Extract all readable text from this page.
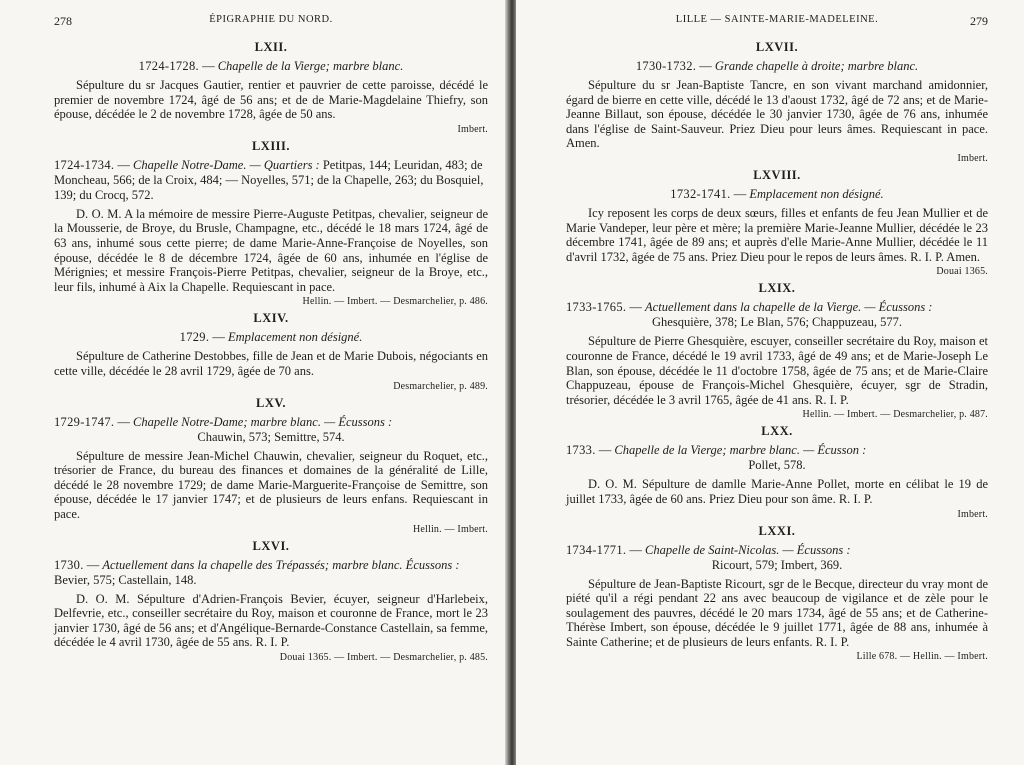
278	ÉPIGRAPHIE DU NORD.
LXII.
1724-1728. — Chapelle de la Vierge; marbre blanc.
Sépulture du sr Jacques Gautier, rentier et pauvrier de cette paroisse, décédé le premier de novembre 1724, âgé de 56 ans; et de de Marie-Magdelaine Thiefry, son épouse, décédée le 2 de novembre 1728, âgée de 50 ans.
Imbert.
LXIII.
1724-1734. — Chapelle Notre-Dame. — Quartiers : Petitpas, 144; Leuridan, 483; de Moncheau, 566; de la Croix, 484; — Noyelles, 571; de la Chapelle, 263; du Bosquiel, 139; du Crocq, 572.
D. O. M. A la mémoire de messire Pierre-Auguste Petitpas, chevalier, seigneur de la Mousserie, de Broye, du Brusle, Champagne, etc., décédé le 18 mars 1724, âgé de 63 ans, inhumé sous cette pierre; de dame Marie-Anne-Françoise de Noyelles, son épouse, décédée le 8 de décembre 1724, âgée de 60 ans, inhumée en l'église de Mérignies; et messire François-Pierre Petitpas, chevalier, seigneur de la Broye, etc., leur fils, inhumé à Aix la Chapelle. Requiescant in pace.
Hellin. — Imbert. — Desmarchelier, p. 486.
LXIV.
1729. — Emplacement non désigné.
Sépulture de Catherine Destobbes, fille de Jean et de Marie Dubois, négociants en cette ville, décédée le 28 avril 1729, âgée de 70 ans.
Desmarchelier, p. 489.
LXV.
1729-1747. — Chapelle Notre-Dame; marbre blanc. — Écussons :
Chauwin, 573; Semittre, 574.
Sépulture de messire Jean-Michel Chauwin, chevalier, seigneur du Roquet, etc., trésorier de France, du bureau des finances et domaines de la généralité de Lille, décédé le 28 novembre 1729; de dame Marie-Marguerite-Françoise de Semittre, son épouse, décédée le 17 janvier 1747; et de plusieurs de leurs enfans. Requiescant in pace.
Hellin. — Imbert.
LXVI.
1730. — Actuellement dans la chapelle des Trépassés; marbre blanc. Écussons : Bevier, 575; Castellain, 148.
D. O. M. Sépulture d'Adrien-François Bevier, écuyer, seigneur d'Harlebeix, Delfevrie, etc., conseiller secrétaire du Roy, maison et couronne de France, mort le 23 janvier 1730, âgé de 56 ans; et d'Angélique-Bernarde-Constance Castellain, sa femme, décédée le 4 avril 1730, âgée de 55 ans. R. I. P.
Douai 1365. — Imbert. — Desmarchelier, p. 485.
LILLE — SAINTE-MARIE-MADELEINE.	279
LXVII.
1730-1732. — Grande chapelle à droite; marbre blanc.
Sépulture du sr Jean-Baptiste Tancre, en son vivant marchand amidonnier, égard de bierre en cette ville, décédé le 13 d'aoust 1732, âgé de 72 ans; et de Marie-Jeanne Billaut, son épouse, décédée le 30 janvier 1730, âgée de 76 ans, inhumée dans l'église de Saint-Sauveur. Priez Dieu pour leurs âmes. Requiescant in pace. Amen.
Imbert.
LXVIII.
1732-1741. — Emplacement non désigné.
Icy reposent les corps de deux sœurs, filles et enfants de feu Jean Mullier et de Marie Vandeper, leur père et mère; la première Marie-Jeanne Mullier, décédée le 23 décembre 1741, âgée de 89 ans; et auprès d'elle Marie-Anne Mullier, décédée le 11 d'avril 1732, âgée de 75 ans. Priez Dieu pour le repos de leurs âmes. R. I. P. Amen.
Douai 1365.
LXIX.
1733-1765. — Actuellement dans la chapelle de la Vierge. — Écussons :
Ghesquière, 378; Le Blan, 576; Chappuzeau, 577.
Sépulture de Pierre Ghesquière, escuyer, conseiller secrétaire du Roy, maison et couronne de France, décédé le 19 avril 1733, âgé de 49 ans; et de Marie-Joseph Le Blan, son épouse, décédée le 11 d'octobre 1758, âgée de 75 ans; et de Marie-Claire Chappuzeau, épouse de François-Michel Ghesquière, écuyer, sgr de Stradin, trésorier, décédée le 3 avril 1765, âgée de 41 ans. R. I. P.
Hellin. — Imbert. — Desmarchelier, p. 487.
LXX.
1733. — Chapelle de la Vierge; marbre blanc. — Écusson :
Pollet, 578.
D. O. M. Sépulture de damlle Marie-Anne Pollet, morte en célibat le 19 de juillet 1733, âgée de 60 ans. Priez Dieu pour son âme. R. I. P.
Imbert.
LXXI.
1734-1771. — Chapelle de Saint-Nicolas. — Écussons :
Ricourt, 579; Imbert, 369.
Sépulture de Jean-Baptiste Ricourt, sgr de le Becque, directeur du vray mont de piété qu'il a régi pendant 22 ans avec beaucoup de vigilance et de zèle pour le soulagement des pauvres, décédé le 20 mars 1734, âgé de 55 ans; et de Catherine-Thérèse Imbert, son épouse, décédée le 9 juillet 1771, âgée de 88 ans, inhumée à Sainte Catherine; et de plusieurs de leurs enfants. R. I. P.
Lille 678. — Hellin. — Imbert.
